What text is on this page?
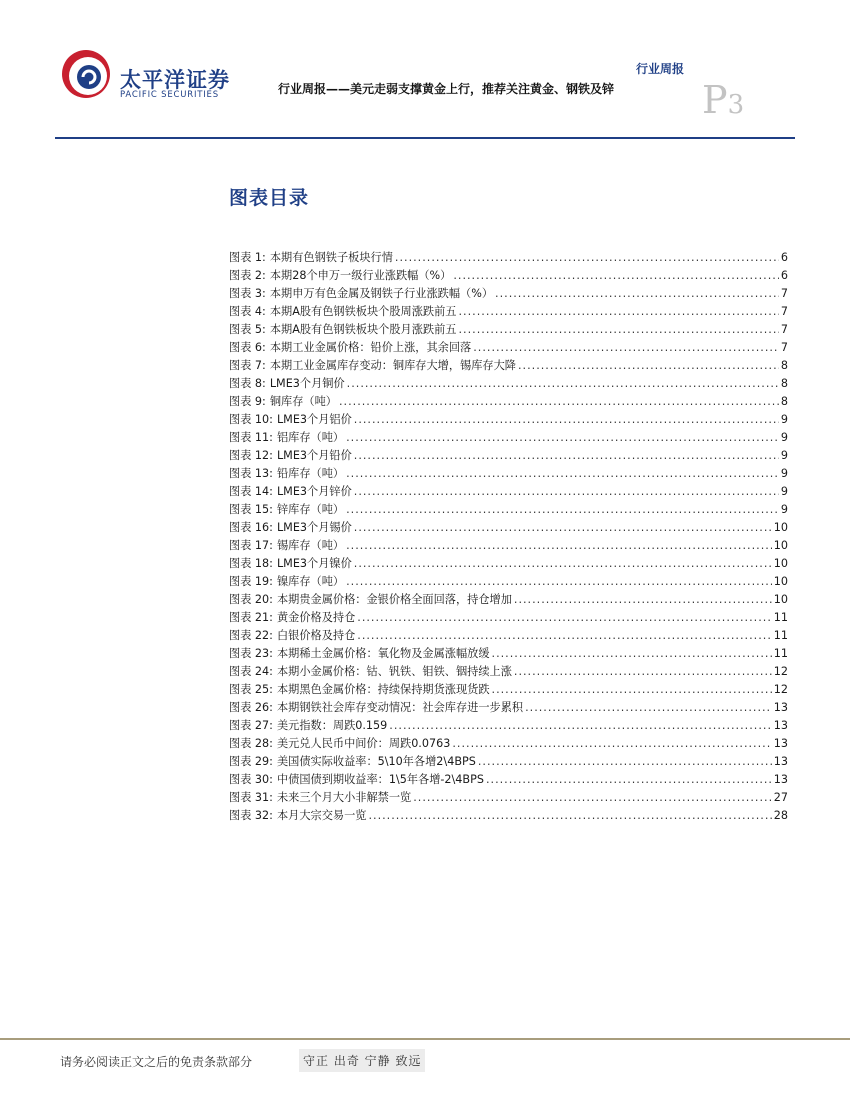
太平洋证券
PACIFIC SECURITIES
行业周报
行业周报——美元走弱支撑黄金上行，推荐关注黄金、钢铁及锌 P3
图表目录
图表 1: 本期有色钢铁子板块行情 .....	6
图表 2: 本期28个申万一级行业涨跌幅（%） .....	6
图表 3: 本期申万有色金属及钢铁子行业涨跌幅（%） .....	7
图表 4: 本期A股有色钢铁板块个股周涨跌前五 .....	7
图表 5: 本期A股有色钢铁板块个股月涨跌前五 .....	7
图表 6: 本期工业金属价格：铅价上涨，其余回落 .....	7
图表 7: 本期工业金属库存变动：铜库存大增，锡库存大降 .....	8
图表 8: LME3个月铜价 .....	8
图表 9: 铜库存（吨） .....	8
图表 10: LME3个月铝价 .....	9
图表 11: 铝库存（吨） .....	9
图表 12: LME3个月铅价 .....	9
图表 13: 铅库存（吨） .....	9
图表 14: LME3个月锌价 .....	9
图表 15: 锌库存（吨） .....	9
图表 16: LME3个月锡价 .....	10
图表 17: 锡库存（吨） .....	10
图表 18: LME3个月镍价 .....	10
图表 19: 镍库存（吨） .....	10
图表 20: 本期贵金属价格：金银价格全面回落，持仓增加 .....	10
图表 21: 黄金价格及持仓 .....	11
图表 22: 白银价格及持仓 .....	11
图表 23: 本期稀土金属价格：氧化物及金属涨幅放缓 .....	11
图表 24: 本期小金属价格：钴、钒铁、钼铁、铟持续上涨 .....	12
图表 25: 本期黑色金属价格：持续保持期货涨现货跌 .....	12
图表 26: 本期钢铁社会库存变动情况：社会库存进一步累积 .....	13
图表 27: 美元指数：周跌0.159 .....	13
图表 28: 美元兑人民币中间价：周跌0.0763 .....	13
图表 29: 美国债实际收益率：5\10年各增2\4BPS .....	13
图表 30: 中债国债到期收益率：1\5年各增-2\4BPS .....	13
图表 31: 未来三个月大小非解禁一览 .....	27
图表 32: 本月大宗交易一览 .....	28
请务必阅读正文之后的免责条款部分	守正 出奇 宁静 致远
